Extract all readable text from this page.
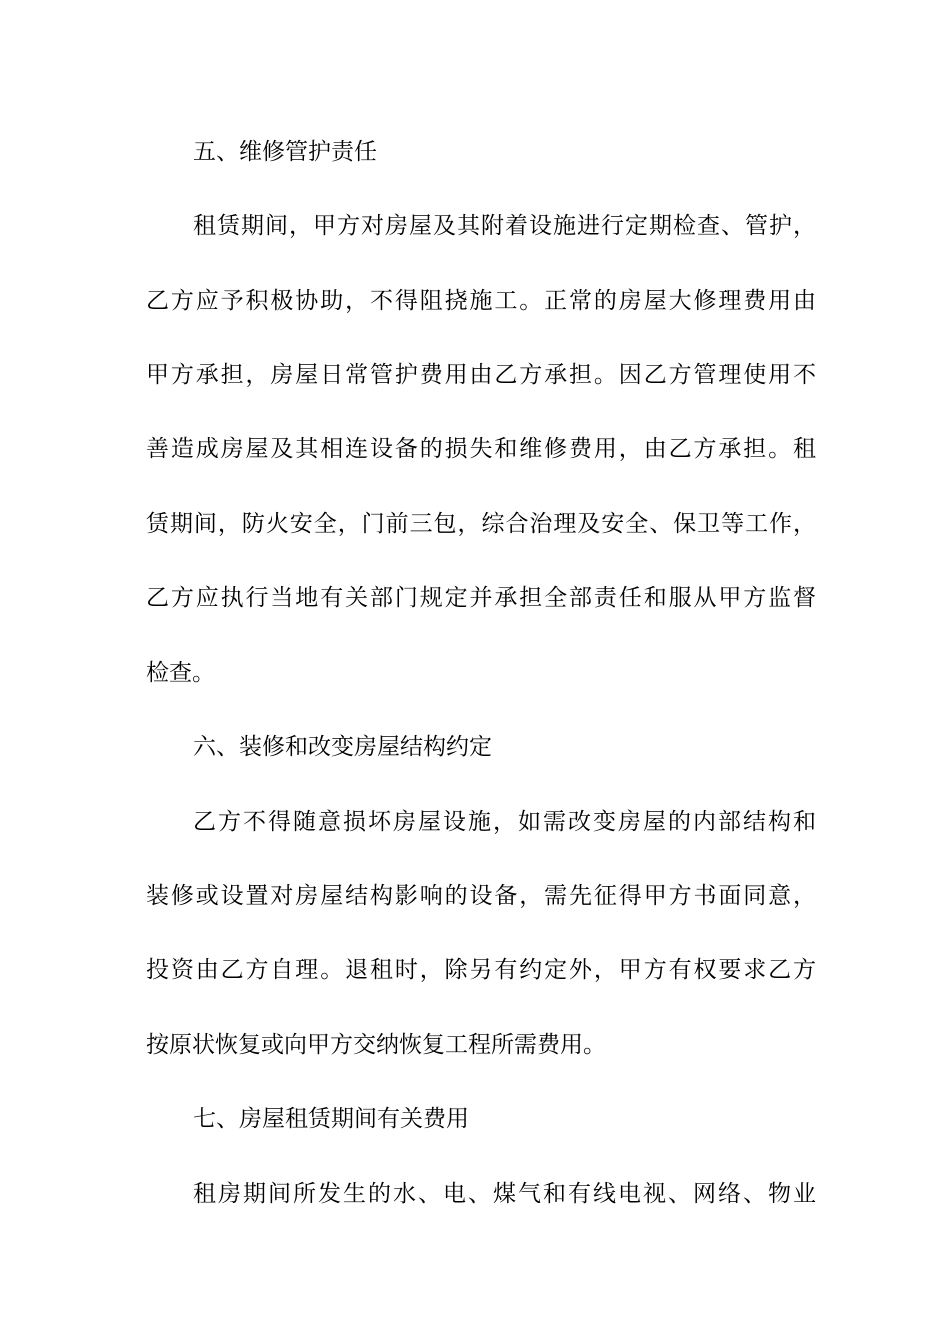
五、维修管护责任
租赁期间，甲方对房屋及其附着设施进行定期检查、管护，
乙方应予积极协助，不得阻挠施工。正常的房屋大修理费用由
甲方承担，房屋日常管护费用由乙方承担。因乙方管理使用不
善造成房屋及其相连设备的损失和维修费用，由乙方承担。租
赁期间，防火安全，门前三包，综合治理及安全、保卫等工作，
乙方应执行当地有关部门规定并承担全部责任和服从甲方监督
检查。
六、装修和改变房屋结构约定
乙方不得随意损坏房屋设施，如需改变房屋的内部结构和
装修或设置对房屋结构影响的设备，需先征得甲方书面同意，
投资由乙方自理。退租时，除另有约定外，甲方有权要求乙方
按原状恢复或向甲方交纳恢复工程所需费用。
七、房屋租赁期间有关费用
租房期间所发生的水、电、煤气和有线电视、网络、物业
